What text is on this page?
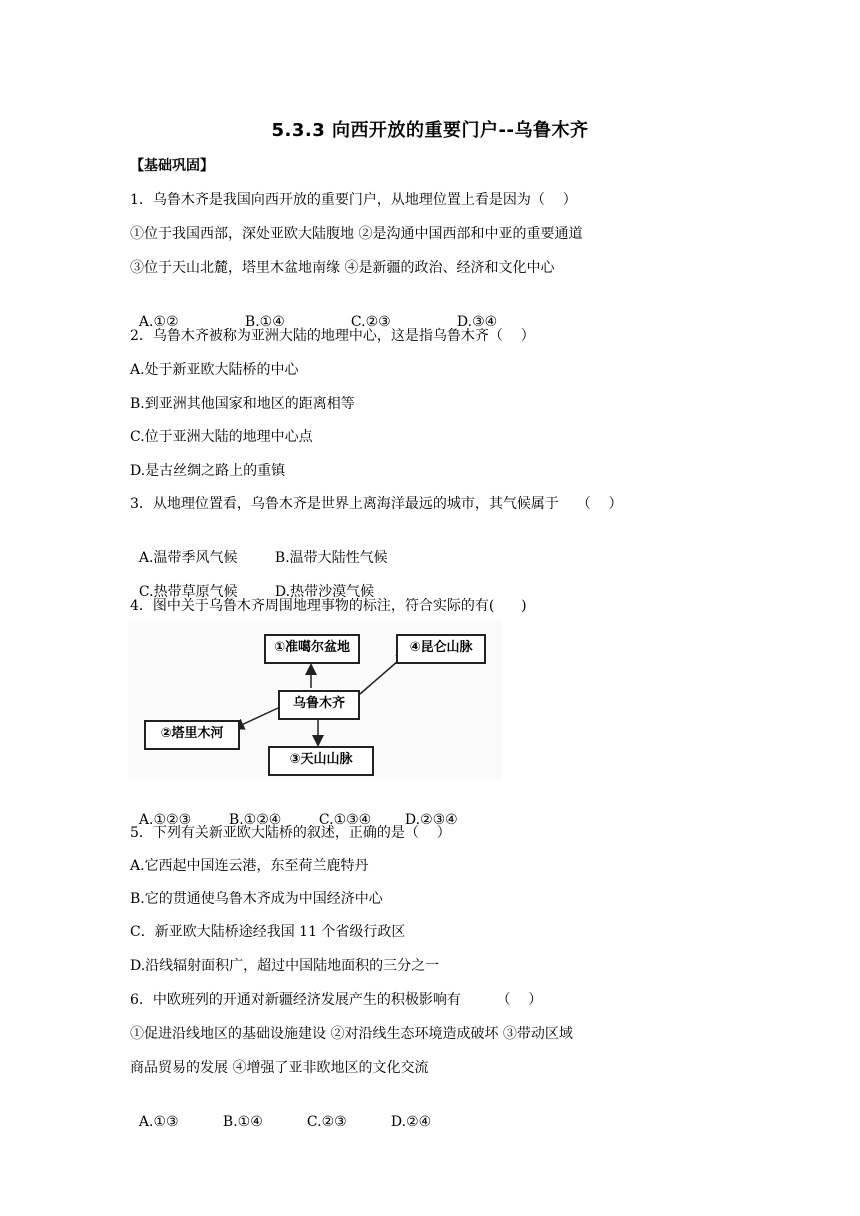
5.3.3 向西开放的重要门户--乌鲁木齐
【基础巩固】
1．乌鲁木齐是我国向西开放的重要门户，从地理位置上看是因为（    ）
①位于我国西部，深处亚欧大陆腹地 ②是沟通中国西部和中亚的重要通道
③位于天山北麓，塔里木盆地南缘 ④是新疆的政治、经济和文化中心

A.①②	B.①④	C.②③	D.③④

2．乌鲁木齐被称为亚洲大陆的地理中心，这是指乌鲁木齐（    ）
A.处于新亚欧大陆桥的中心
B.到亚洲其他国家和地区的距离相等
C.位于亚洲大陆的地理中心点
D.是古丝绸之路上的重镇
3．从地理位置看，乌鲁木齐是世界上离海洋最远的城市，其气候属于    （    ）

A.温带季风气候	B.温带大陆性气候

C.热带草原气候	D.热带沙漠气候

4．图中关于乌鲁木齐周围地理事物的标注，符合实际的有(      )
①准噶尔盆地	④昆仑山脉
乌鲁木齐
②塔里木河
③天山山脉

A.①②③	B.①②④	C.①③④ D.②③④

5．下列有关新亚欧大陆桥的叙述，正确的是（    ）
A.它西起中国连云港，东至荷兰鹿特丹
B.它的贯通使乌鲁木齐成为中国经济中心
C．新亚欧大陆桥途经我国 11 个省级行政区
D.沿线辐射面积广，超过中国陆地面积的三分之一
6．中欧班列的开通对新疆经济发展产生的积极影响有        （    ）
①促进沿线地区的基础设施建设 ②对沿线生态环境造成破坏 ③带动区域
商品贸易的发展 ④增强了亚非欧地区的文化交流

A.①③	B.①④	C.②③	D.②④
